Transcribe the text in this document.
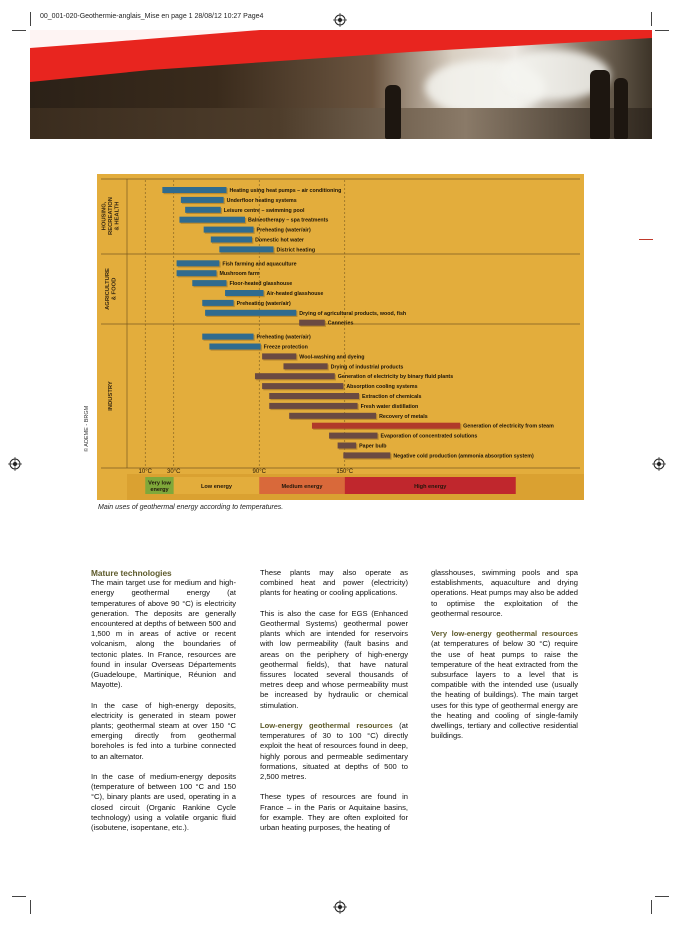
00_001-020-Geothermie-anglais_Mise en page 1 28/08/12 10:27 Page4
HOUSING, RECREATION & HEALTH
AGRICULTURE & FOOD
INDUSTRY
Heating using heat pumps – air conditioning
Underfloor heating systems
Leisure centre – swimming pool
Balneotherapy – spa treatments
Preheating (water/air)
Domestic hot water
District heating
Fish farming and aquaculture
Mushroom farm
Floor-heated glasshouse
Air-heated glasshouse
Preheating (water/air)
Drying of agricultural products, wood, fish
Canneries
Preheating (water/air)
Freeze protection
Wool-washing and dyeing
Drying of industrial products
Generation of electricity by binary fluid plants
Absorption cooling systems
Extraction of chemicals
Fresh water distillation
Recovery of metals
Generation of electricity from steam
Evaporation of concentrated solutions
Paper bulb
Negative cold production (ammonia absorption system)
10°C	30°C	90°C	150°C
Very low
energy
Low energy	Medium energy	High energy
© ADEME - BRGM
Main uses of geothermal energy according to temperatures.
Mature technologies

The main target use for medium and high-energy geothermal energy (at temperatures of above 90 °C) is electricity generation. The deposits are generally encountered at depths of between 500 and 1,500 m in areas of active or recent volcanism, along the boundaries of tectonic plates. In France, resources are found in insular Overseas Départements (Guadeloupe, Martinique, Réunion and Mayotte).

In the case of high-energy deposits, electricity is generated in steam power plants; geothermal steam at over 150 °C emerging directly from geothermal boreholes is fed into a turbine connected to an alternator.

In the case of medium-energy deposits (temperature of between 100 °C and 150 °C), binary plants are used, operating in a closed circuit (Organic Rankine Cycle technology) using a volatile organic fluid (isobutene, isopentane, etc.).

These plants may also operate as combined heat and power (electricity) plants for heating or cooling applications.

This is also the case for EGS (Enhanced Geothermal Systems) geothermal power plants which are intended for reservoirs with low permeability (fault basins and areas on the periphery of high-energy geothermal fields), that have natural fissures located several thousands of metres deep and whose permeability must be increased by hydraulic or chemical stimulation.

Low-energy geothermal resources (at temperatures of 30 to 100 °C) directly exploit the heat of resources found in deep, highly porous and permeable sedimentary formations, situated at depths of 500 to 2,500 metres.

These types of resources are found in France – in the Paris or Aquitaine basins, for example. They are often exploited for urban heating purposes, the heating of

glasshouses, swimming pools and spa establishments, aquaculture and drying operations. Heat pumps may also be added to optimise the exploitation of the geothermal resource.

Very low-energy geothermal resources (at temperatures of below 30 °C) require the use of heat pumps to raise the temperature of the heat extracted from the subsurface layers to a level that is compatible with the intended use (usually the heating of buildings). The main target uses for this type of geothermal energy are the heating and cooling of single-family dwellings, tertiary and collective residential buildings.
